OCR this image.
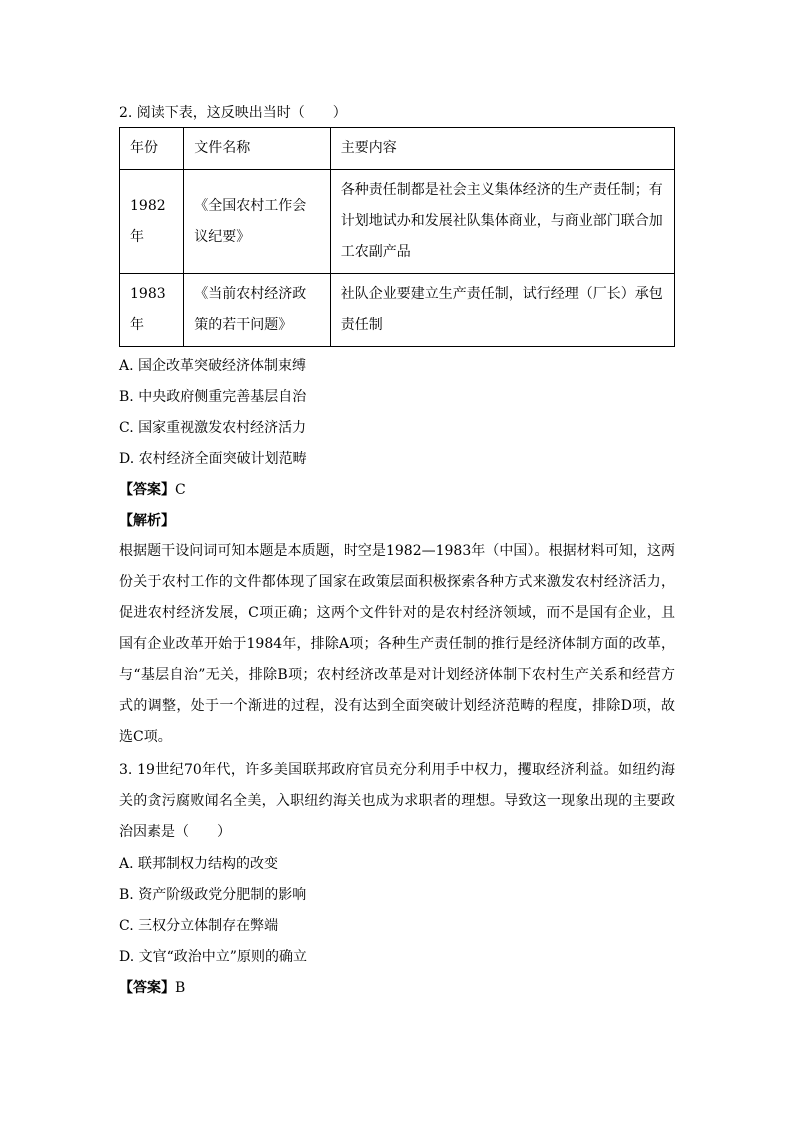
2. 阅读下表，这反映出当时（　　）
年份	文件名称	主要内容
1982年	《全国农村工作会议纪要》	各种责任制都是社会主义集体经济的生产责任制；有计划地试办和发展社队集体商业，与商业部门联合加工农副产品
1983年	《当前农村经济政策的若干问题》	社队企业要建立生产责任制，试行经理（厂长）承包责任制
A. 国企改革突破经济体制束缚
B. 中央政府侧重完善基层自治
C. 国家重视激发农村经济活力
D. 农村经济全面突破计划范畴
【答案】C
【解析】
根据题干设问词可知本题是本质题，时空是1982—1983年（中国）。根据材料可知，这两份关于农村工作的文件都体现了国家在政策层面积极探索各种方式来激发农村经济活力，促进农村经济发展，C项正确；这两个文件针对的是农村经济领域，而不是国有企业，且国有企业改革开始于1984年，排除A项；各种生产责任制的推行是经济体制方面的改革，与“基层自治”无关，排除B项；农村经济改革是对计划经济体制下农村生产关系和经营方式的调整，处于一个渐进的过程，没有达到全面突破计划经济范畴的程度，排除D项，故选C项。
3. 19世纪70年代，许多美国联邦政府官员充分利用手中权力，攫取经济利益。如纽约海关的贪污腐败闻名全美，入职纽约海关也成为求职者的理想。导致这一现象出现的主要政治因素是（　　）
A. 联邦制权力结构的改变
B. 资产阶级政党分肥制的影响
C. 三权分立体制存在弊端
D. 文官“政治中立”原则的确立
【答案】B
